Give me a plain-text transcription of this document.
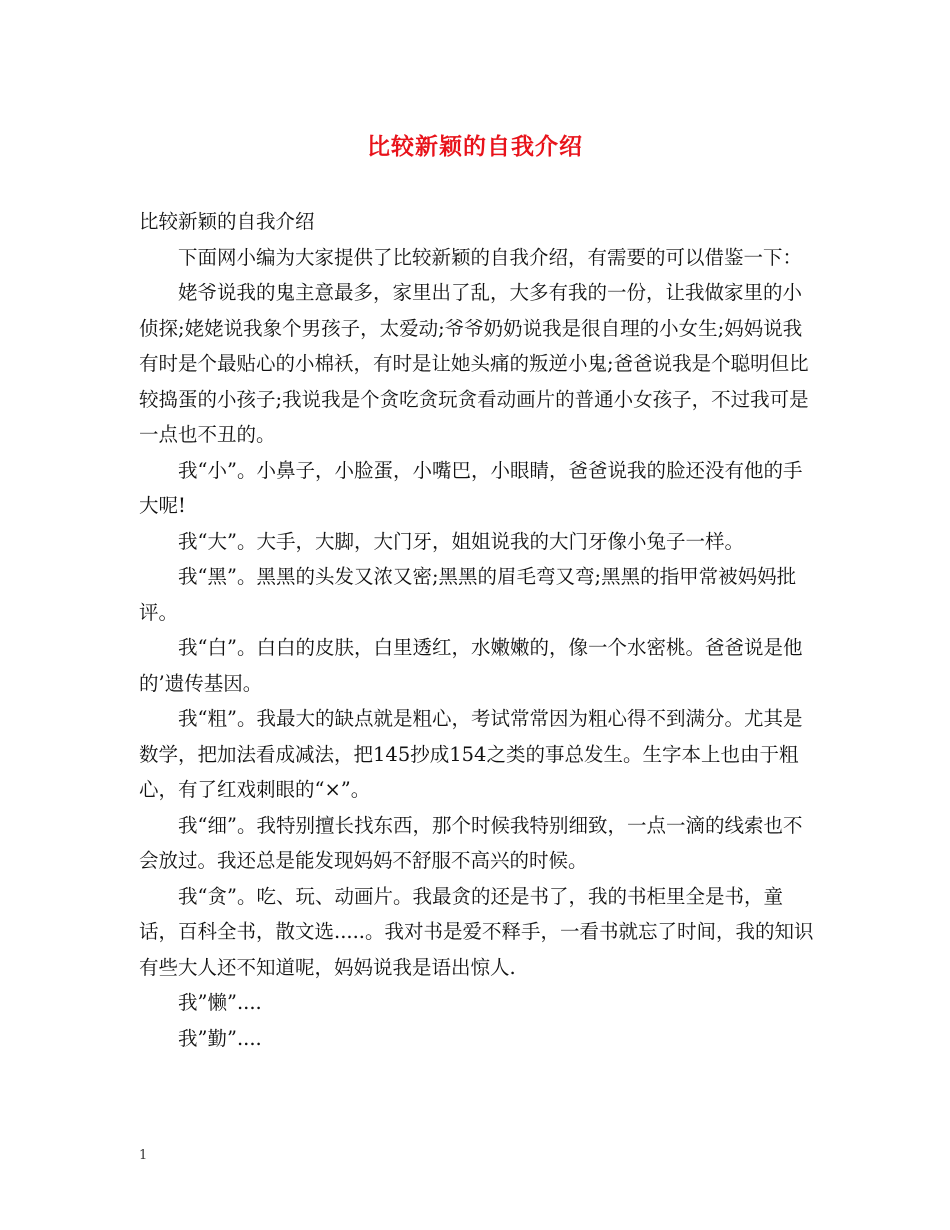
比较新颖的自我介绍

比较新颖的自我介绍

下面网小编为大家提供了比较新颖的自我介绍，有需要的可以借鉴一下：

姥爷说我的鬼主意最多，家里出了乱，大多有我的一份，让我做家里的小侦探;姥姥说我象个男孩子，太爱动;爷爷奶奶说我是很自理的小女生;妈妈说我有时是个最贴心的小棉袄，有时是让她头痛的叛逆小鬼;爸爸说我是个聪明但比较捣蛋的小孩子;我说我是个贪吃贪玩贪看动画片的普通小女孩子，不过我可是一点也不丑的。

我“小”。小鼻子，小脸蛋，小嘴巴，小眼睛，爸爸说我的脸还没有他的手大呢!

我“大”。大手，大脚，大门牙，姐姐说我的大门牙像小兔子一样。

我“黑”。黑黑的头发又浓又密;黑黑的眉毛弯又弯;黑黑的指甲常被妈妈批评。

我“白”。白白的皮肤，白里透红，水嫩嫩的，像一个水密桃。爸爸说是他的’遗传基因。

我“粗”。我最大的缺点就是粗心，考试常常因为粗心得不到满分。尤其是数学，把加法看成减法，把145抄成154之类的事总发生。生字本上也由于粗心，有了红戏刺眼的“×”。

我“细”。我特别擅长找东西，那个时候我特别细致，一点一滴的线索也不会放过。我还总是能发现妈妈不舒服不高兴的时候。

我“贪”。吃、玩、动画片。我最贪的还是书了，我的书柜里全是书，童话，百科全书，散文选.....。我对书是爱不释手，一看书就忘了时间，我的知识有些大人还不知道呢，妈妈说我是语出惊人.

我”懒”....

我”勤”....

1
